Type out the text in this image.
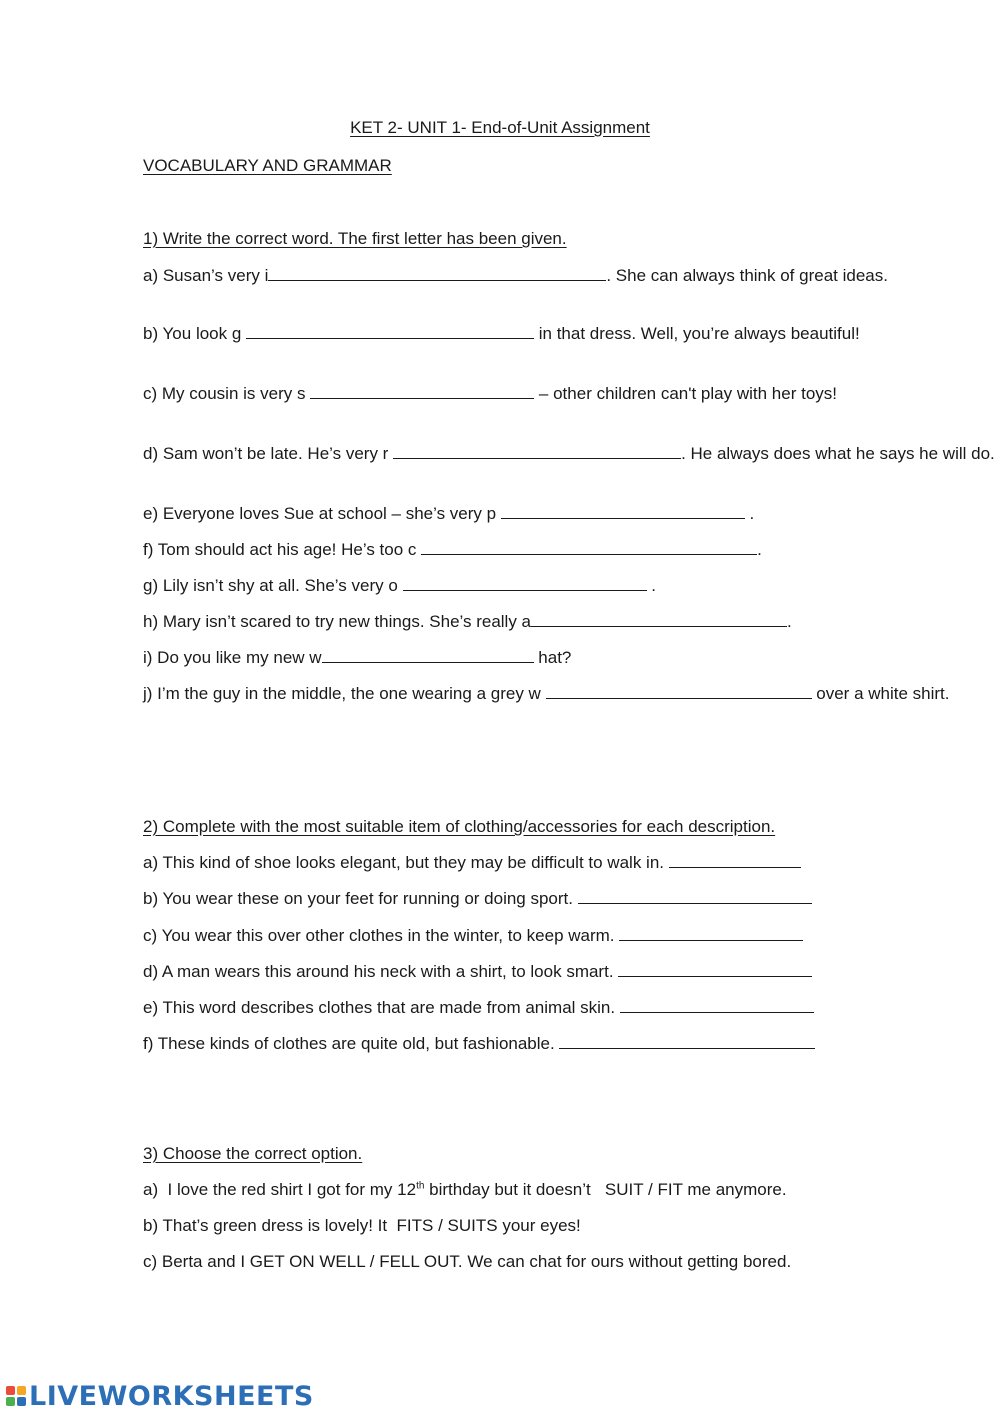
KET 2- UNIT 1- End-of-Unit Assignment
VOCABULARY AND GRAMMAR
1) Write the correct word. The first letter has been given.
a) Susan’s very i	. She can always think of great ideas.
b) You look g	in that dress. Well, you’re always beautiful!
c) My cousin is very s	– other children can't play with her toys!
d) Sam won’t be late. He’s very r	. He always does what he says he will do.
e) Everyone loves Sue at school – she’s very p	.
f) Tom should act his age! He’s too c	.
g) Lily isn’t shy at all. She’s very o	.
h) Mary isn’t scared to try new things. She’s really a	.
i) Do you like my new w	hat?
j) I’m the guy in the middle, the one wearing a grey w	over a white shirt.
2) Complete with the most suitable item of clothing/accessories for each description.
a) This kind of shoe looks elegant, but they may be difficult to walk in.
b) You wear these on your feet for running or doing sport.
c) You wear this over other clothes in the winter, to keep warm.
d) A man wears this around his neck with a shirt, to look smart.
e) This word describes clothes that are made from animal skin.
f) These kinds of clothes are quite old, but fashionable.
3) Choose the correct option.
a)  I love the red shirt I got for my 12th birthday but it doesn’t   SUIT / FIT me anymore.
b) That’s green dress is lovely! It  FITS / SUITS your eyes!
c) Berta and I GET ON WELL / FELL OUT. We can chat for ours without getting bored.
LIVEWORKSHEETS
